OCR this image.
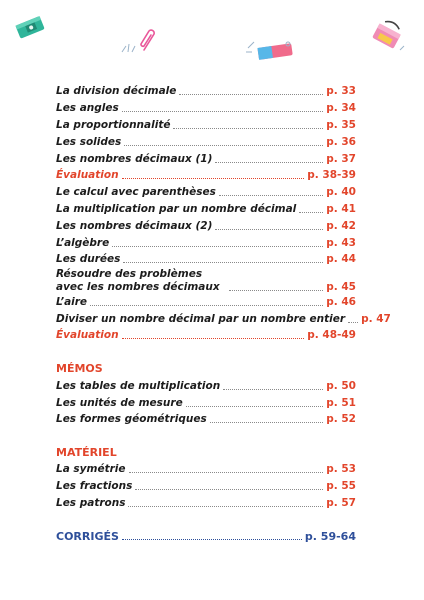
La division décimale	p. 33
Les angles	p. 34
La proportionnalité	p. 35
Les solides	p. 36
Les nombres décimaux (1)	p. 37
Évaluation	p. 38-39
Le calcul avec parenthèses	p. 40
La multiplication par un nombre décimal	p. 41
Les nombres décimaux (2)	p. 42
L’algèbre	p. 43
Les durées	p. 44
Résoudre des problèmes
avec les nombres décimaux	p. 45
L’aire	p. 46
Diviser un nombre décimal par un nombre entier p. 47
Évaluation	p. 48-49
MÉMOS
Les tables de multiplication	p. 50
Les unités de mesure	p. 51
Les formes géométriques	p. 52
MATÉRIEL
La symétrie	p. 53
Les fractions	p. 55
Les patrons	p. 57
CORRIGÉS	p. 59-64
